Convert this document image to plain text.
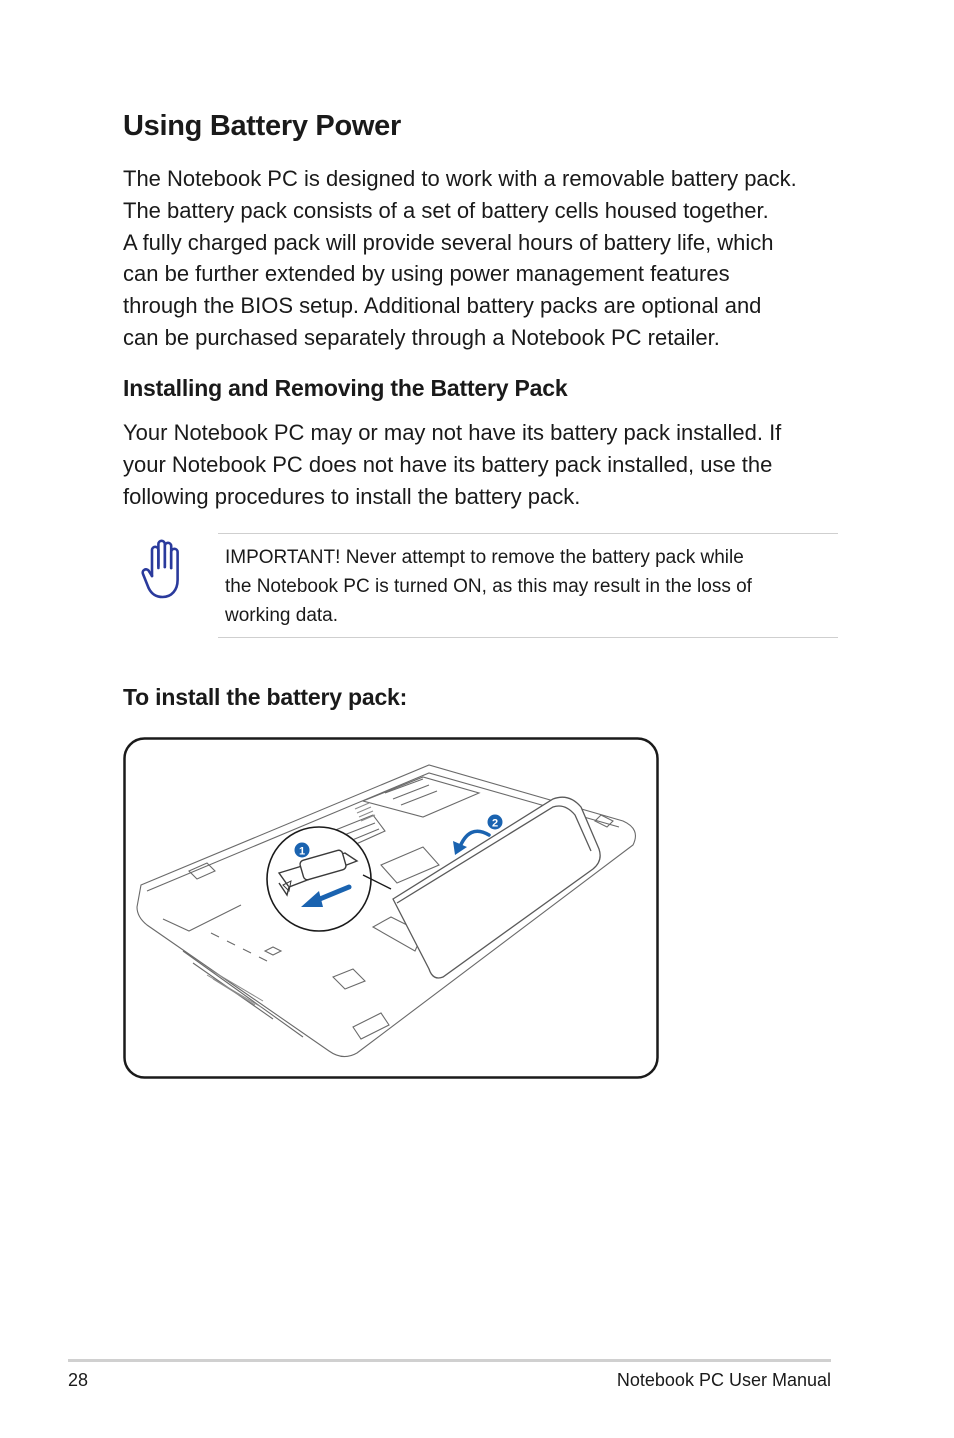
Using Battery Power
The Notebook PC is designed to work with a removable battery pack.
The battery pack consists of a set of battery cells housed together.
A fully charged pack will provide several hours of battery life, which
can be further extended by using power management features
through the BIOS setup. Additional battery packs are optional and
can be purchased separately through a Notebook PC retailer.
Installing and Removing the Battery Pack
Your Notebook PC may or may not have its battery pack installed. If
your Notebook PC does not have its battery pack installed, use the
following procedures to install the battery pack.
IMPORTANT! Never attempt to remove the battery pack while
the Notebook PC is turned ON, as this may result in the loss of
working data.
To install the battery pack:
1
2
28	Notebook PC User Manual
